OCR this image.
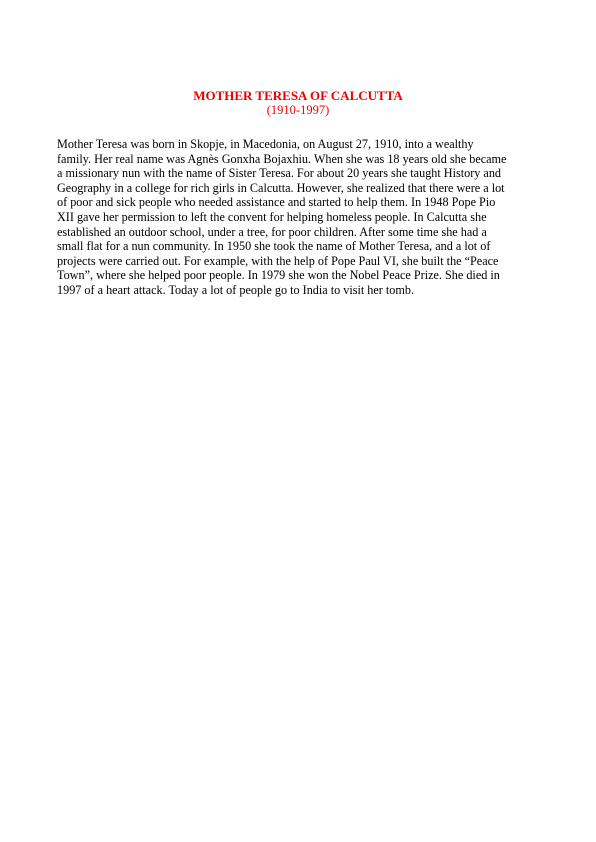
MOTHER TERESA OF CALCUTTA

(1910-1997)

Mother Teresa was born in Skopje, in Macedonia, on August 27, 1910, into a wealthy
family. Her real name was Agnès Gonxha Bojaxhiu. When she was 18 years old she became
a missionary nun with the name of Sister Teresa. For about 20 years she taught History and
Geography in a college for rich girls in Calcutta. However, she realized that there were a lot
of poor and sick people who needed assistance and started to help them. In 1948 Pope Pio
XII gave her permission to left the convent for helping homeless people. In Calcutta she
established an outdoor school, under a tree, for poor children. After some time she had a
small flat for a nun community. In 1950 she took the name of Mother Teresa, and a lot of
projects were carried out. For example, with the help of Pope Paul VI, she built the “Peace
Town”, where she helped poor people. In 1979 she won the Nobel Peace Prize. She died in
1997 of a heart attack. Today a lot of people go to India to visit her tomb.
